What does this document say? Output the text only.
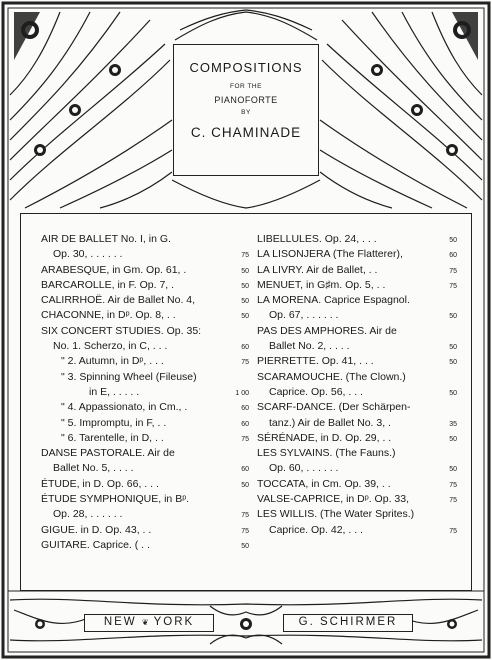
COMPOSITIONS
FOR THE
PIANOFORTE
BY
C. CHAMINADE
AIR DE BALLET No. I, in G.
Op. 30, . . . . . .	75
ARABESQUE, in Gm. Op. 61, .	50
BARCAROLLE, in F. Op. 7, .	50
CALIRRHOË. Air de Ballet No. 4,	50
CHACONNE, in Dᵖ. Op. 8, . .	50
SIX CONCERT STUDIES. Op. 35:
No. 1. Scherzo, in C, . . .	60
" 2. Autumn, in Dᵖ, . . .	75
" 3. Spinning Wheel (Fileuse)
in E, . . . . .	1 00
" 4. Appassionato, in Cm., .	60
" 5. Impromptu, in F, . .	60
" 6. Tarentelle, in D, . .	75
DANSE PASTORALE. Air de
Ballet No. 5, . . . .	60
ÉTUDE, in D. Op. 66, . . .	50
ÉTUDE SYMPHONIQUE, in Bᵖ.
Op. 28, . . . . . .	75
GIGUE. in D. Op. 43, . .	75
GUITARE. Caprice. ( . .	50
LIBELLULES. Op. 24, . . .	50
LA LISONJERA (The Flatterer),	60
LA LIVRY. Air de Ballet, . .	75
MENUET, in G♯m. Op. 5, . .	75
LA MORENA. Caprice Espagnol.
Op. 67, . . . . . .	50
PAS DES AMPHORES. Air de
Ballet No. 2, . . . .	50
PIERRETTE. Op. 41, . . .	50
SCARAMOUCHE. (The Clown.)
Caprice. Op. 56, . . .	50
SCARF-DANCE. (Der Schärpen-
tanz.) Air de Ballet No. 3, .	35
SÉRÉNADE, in D. Op. 29, . .	50
LES SYLVAINS. (The Fauns.)
Op. 60, . . . . . .	50
TOCCATA, in Cm. Op. 39, . .	75
VALSE-CAPRICE, in Dᵖ. Op. 33,	75
LES WILLIS. (The Water Sprites.)
Caprice. Op. 42, . . .	75
NEW ❦ YORK	G. SCHIRMER
